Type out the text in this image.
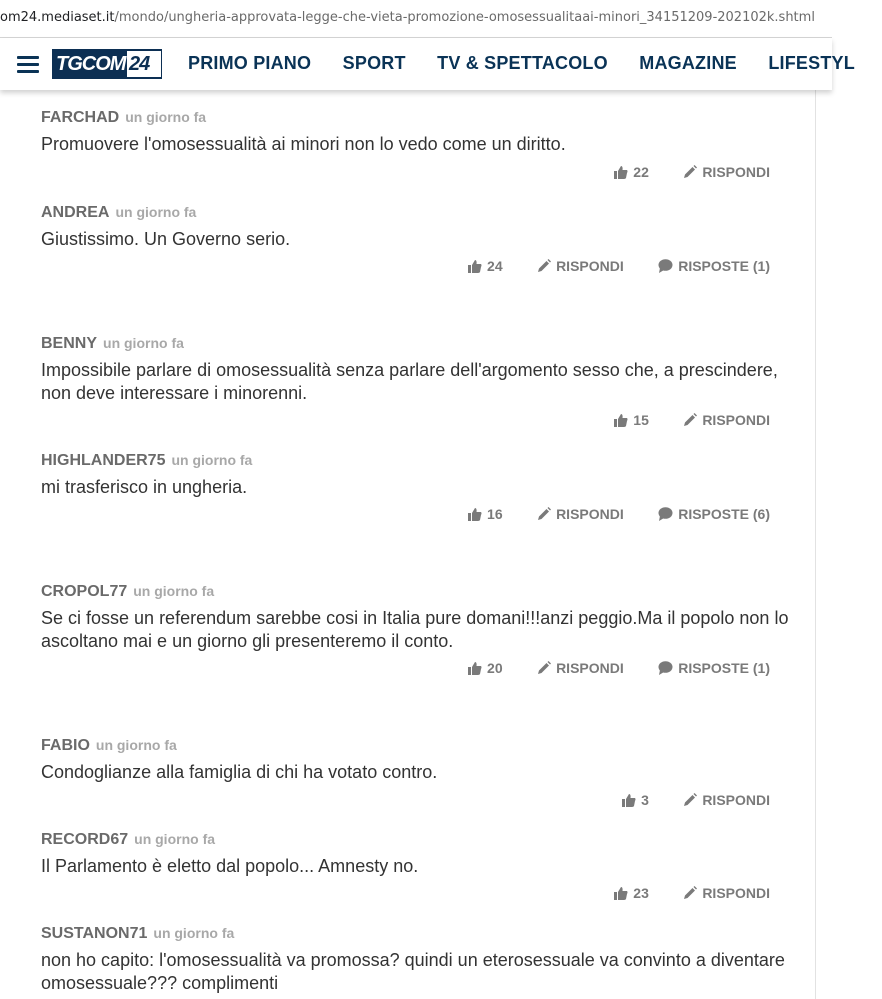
om24.mediaset.it/mondo/ungheria-approvata-legge-che-vieta-promozione-omosessualitaai-minori_34151209-202102k.shtml
TGCOM 24 PRIMO PIANO SPORT TV & SPETTACOLO MAGAZINE LIFESTYL
FARCHAD un giorno fa
Promuovere l'omosessualità ai minori non lo vedo come un diritto.
22	RISPONDI
ANDREA un giorno fa
Giustissimo. Un Governo serio.
24	RISPONDI	RISPOSTE (1)
BENNY un giorno fa
Impossibile parlare di omosessualità senza parlare dell'argomento sesso che, a prescindere, non deve interessare i minorenni.
15	RISPONDI
HIGHLANDER75 un giorno fa
mi trasferisco in ungheria.
16	RISPONDI	RISPOSTE (6)
CROPOL77 un giorno fa
Se ci fosse un referendum sarebbe cosi in Italia pure domani!!!anzi peggio.Ma il popolo non lo ascoltano mai e un giorno gli presenteremo il conto.
20	RISPONDI	RISPOSTE (1)
FABIO un giorno fa
Condoglianze alla famiglia di chi ha votato contro.
3	RISPONDI
RECORD67 un giorno fa
Il Parlamento è eletto dal popolo... Amnesty no.
23	RISPONDI
SUSTANON71 un giorno fa
non ho capito: l'omosessualità va promossa? quindi un eterosessuale va convinto a diventare omosessuale??? complimenti
